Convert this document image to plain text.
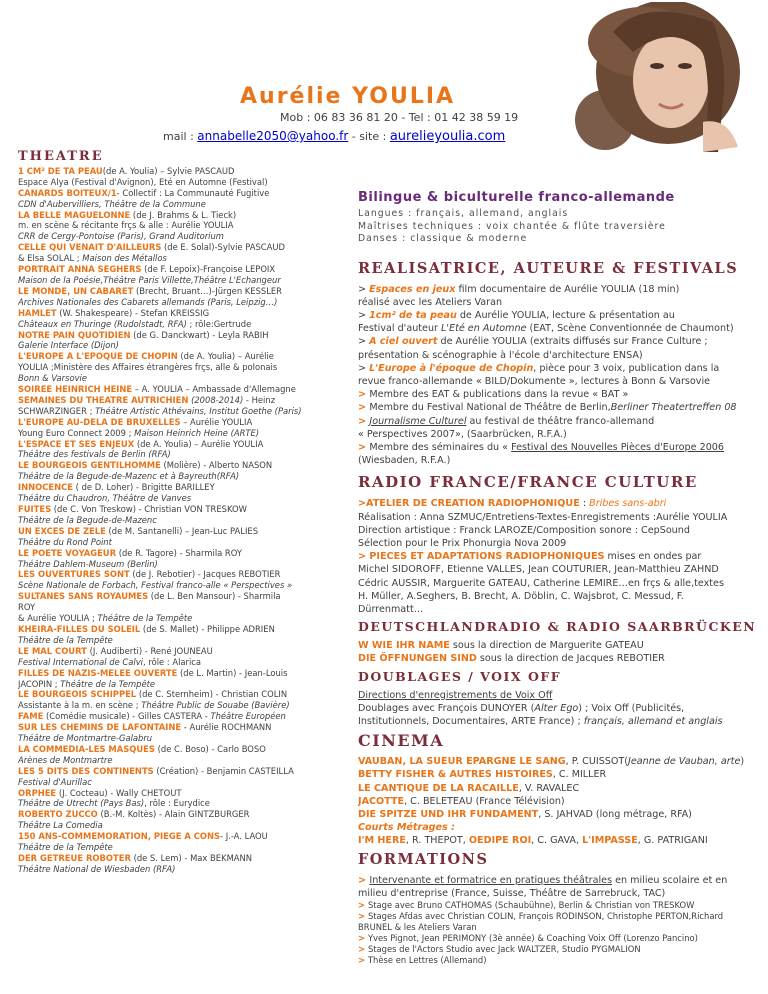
Aurélie YOULIA
Mob : 06 83 36 81 20 - Tel : 01 42 38 59 19
mail : annabelle2050@yahoo.fr - site : aurelieyoulia.com
THEATRE
1 CM² DE TA PEAU(de A. Youlia) – Sylvie PASCAUD
Espace Alya (Festival d'Avignon), Eté en Automne (Festival)
CANARDS BOITEUX/1- Collectif : La Communauté Fugitive
CDN d'Aubervilliers, Théâtre de la Commune
LA BELLE MAGUELONNE (de J. Brahms & L. Tieck)
m. en scène & récitante frçs & alle : Aurélie YOULIA
CRR de Cergy-Pontoise (Paris), Grand Auditorium
CELLE QUI VENAIT D'AILLEURS (de E. Solal)-Sylvie PASCAUD
& Elsa SOLAL ; Maison des Métallos
PORTRAIT ANNA SEGHERS (de F. Lepoix)-Françoise LEPOIX
Maison de la Poésie,Théâtre Paris Villette,Théâtre L'Echangeur
LE MONDE, UN CABARET (Brecht, Bruant…)-Jürgen KESSLER
Archives Nationales des Cabarets allemands (Paris, Leipzig…)
HAMLET (W. Shakespeare) - Stefan KREISSIG
Châteaux en Thuringe (Rudolstadt, RFA) ; rôle:Gertrude
NOTRE PAIN QUOTIDIEN (de G. Danckwart) - Leyla RABIH
Galerie Interface (Dijon)
L'EUROPE A L'EPOQUE DE CHOPIN (de A. Youlia) – Aurélie
YOULIA ;Ministère des Affaires étrangères frçs, alle & polonais
Bonn & Varsovie
SOIREE HEINRICH HEINE – A. YOULIA – Ambassade d'Allemagne
SEMAINES DU THEATRE AUTRICHIEN (2008-2014) - Heinz
SCHWARZINGER ; Théâtre Artistic Athévains, Institut Goethe (Paris)
L'EUROPE AU-DELA DE BRUXELLES – Aurélie YOULIA
Young Euro Connect 2009 ; Maison Heinrich Heine (ARTE)
L'ESPACE ET SES ENJEUX (de A. Youlia) – Aurélie YOULIA
Théâtre des festivals de Berlin (RFA)
LE BOURGEOIS GENTILHOMME (Molière) - Alberto NASON
Théâtre de la Begude-de-Mazenc et à Bayreuth(RFA)
INNOCENCE ( de D. Loher) - Brigitte BARILLEY
Théâtre du Chaudron, Théâtre de Vanves
FUITES (de C. Von Treskow) - Christian VON TRESKOW
Théâtre de la Begude-de-Mazenc
UN EXCES DE ZELE (de M. Santanelli) – Jean-Luc PALIES
Théâtre du Rond Point
LE POETE VOYAGEUR (de R. Tagore) - Sharmila ROY
Théâtre Dahlem-Museum (Berlin)
LES OUVERTURES SONT (de J. Rebotier) - Jacques REBOTIER
Scène Nationale de Forbach, Festival franco-alle « Perspectives »
SULTANES SANS ROYAUMES (de L. Ben Mansour) - Sharmila
ROY
& Aurélie YOULIA ; Théâtre de la Tempête
KHEIRA-FILLES DU SOLEIL (de S. Mallet) - Philippe ADRIEN
Théâtre de la Tempête
LE MAL COURT (J. Audiberti) - René JOUNEAU
Festival International de Calvi, rôle : Alarica
FILLES DE NAZIS-MELEE OUVERTE (de L. Martin) - Jean-Louis
JACOPIN ; Théâtre de la Tempête
LE BOURGEOIS SCHIPPEL (de C. Sternheim) - Christian COLIN
Assistante à la m. en scène ; Théâtre Public de Souabe (Bavière)
FAME (Comédie musicale) - Gilles CASTERA - Théâtre Européen
SUR LES CHEMINS DE LAFONTAINE - Aurélie ROCHMANN
Théâtre de Montmartre-Galabru
LA COMMEDIA-LES MASQUES (de C. Boso) - Carlo BOSO
Arènes de Montmartre
LES 5 DITS DES CONTINENTS (Création) - Benjamin CASTEILLA
Festival d'Aurillac
ORPHEE (J. Cocteau) - Wally CHETOUT
Théâtre de Utrecht (Pays Bas), rôle : Eurydice
ROBERTO ZUCCO (B.-M. Koltès) - Alain GINTZBURGER
Théâtre La Comedia
150 ANS-COMMEMORATION, PIEGE A CONS- J.-A. LAOU
Théâtre de la Tempête
DER GETREUE ROBOTER (de S. Lem) - Max BEKMANN
Théâtre National de Wiesbaden (RFA)
Bilingue & biculturelle franco-allemande
Langues : français, allemand, anglais
Maîtrises techniques : voix chantée & flûte traversière
Danses : classique & moderne
REALISATRICE, AUTEURE & FESTIVALS
> Espaces en jeux film documentaire de Aurélie YOULIA (18 min)
réalisé avec les Ateliers Varan
> 1cm² de ta peau de Aurélie YOULIA, lecture & présentation au
Festival d'auteur L'Eté en Automne (EAT, Scène Conventionnée de Chaumont)
> A ciel ouvert de Aurélie YOULIA (extraits diffusés sur France Culture ;
présentation & scénographie à l'école d'architecture ENSA)
> L'Europe à l'époque de Chopin, pièce pour 3 voix, publication dans la
revue franco-allemande « BILD/Dokumente », lectures à Bonn & Varsovie
> Membre des EAT & publications dans la revue « BAT »
> Membre du Festival National de Théâtre de Berlin,Berliner Theatertreffen 08
> Journalisme Culturel au festival de théâtre franco-allemand
« Perspectives 2007», (Saarbrücken, R.F.A.)
> Membre des séminaires du « Festival des Nouvelles Pièces d'Europe 2006
(Wiesbaden, R.F.A.)
RADIO FRANCE/FRANCE CULTURE
>ATELIER DE CREATION RADIOPHONIQUE : Bribes sans-abri
Réalisation : Anna SZMUC/Entretiens-Textes-Enregistrements :Aurélie YOULIA
Direction artistique : Franck LAROZE/Composition sonore : CepSound
Sélection pour le Prix Phonurgia Nova 2009
> PIECES ET ADAPTATIONS RADIOPHONIQUES mises en ondes par
Michel SIDOROFF, Etienne VALLES, Jean COUTURIER, Jean-Matthieu ZAHND
Cédric AUSSIR, Marguerite GATEAU, Catherine LEMIRE…en frçs & alle,textes
H. Müller, A.Seghers, B. Brecht, A. Döblin, C. Wajsbrot, C. Messud, F.
Dürrenmatt…
DEUTSCHLANDRADIO & RADIO SAARBRÜCKEN
W WIE IHR NAME sous la direction de Marguerite GATEAU
DIE ÖFFNUNGEN SIND sous la direction de Jacques REBOTIER
DOUBLAGES / VOIX OFF
Directions d'enregistrements de Voix Off
Doublages avec François DUNOYER (Alter Ego) ; Voix Off (Publicités,
Institutionnels, Documentaires, ARTE France) ; français, allemand et anglais
CINEMA
VAUBAN, LA SUEUR EPARGNE LE SANG, P. CUISSOT(Jeanne de Vauban, arte)
BETTY FISHER & AUTRES HISTOIRES, C. MILLER
LE CANTIQUE DE LA RACAILLE, V. RAVALEC
JACOTTE, C. BELETEAU (France Télévision)
DIE SPITZE UND IHR FUNDAMENT, S. JAHVAD (long métrage, RFA)
Courts Métrages :
I'M HERE, R. THEPOT, OEDIPE ROI, C. GAVA, L'IMPASSE, G. PATRIGANI
FORMATIONS
> Intervenante et formatrice en pratiques théâtrales en milieu scolaire et en
milieu d'entreprise (France, Suisse, Théâtre de Sarrebruck, TAC)
> Stage avec Bruno CATHOMAS (Schaubühne), Berlin & Christian von TRESKOW
> Stages Afdas avec Christian COLIN, François RODINSON, Christophe PERTON,Richard
BRUNEL & les Ateliers Varan
> Yves Pignot, Jean PERIMONY (3è année) & Coaching Voix Off (Lorenzo Pancino)
> Stages de l'Actors Studio avec Jack WALTZER, Studio PYGMALION
> Thèse en Lettres (Allemand)
